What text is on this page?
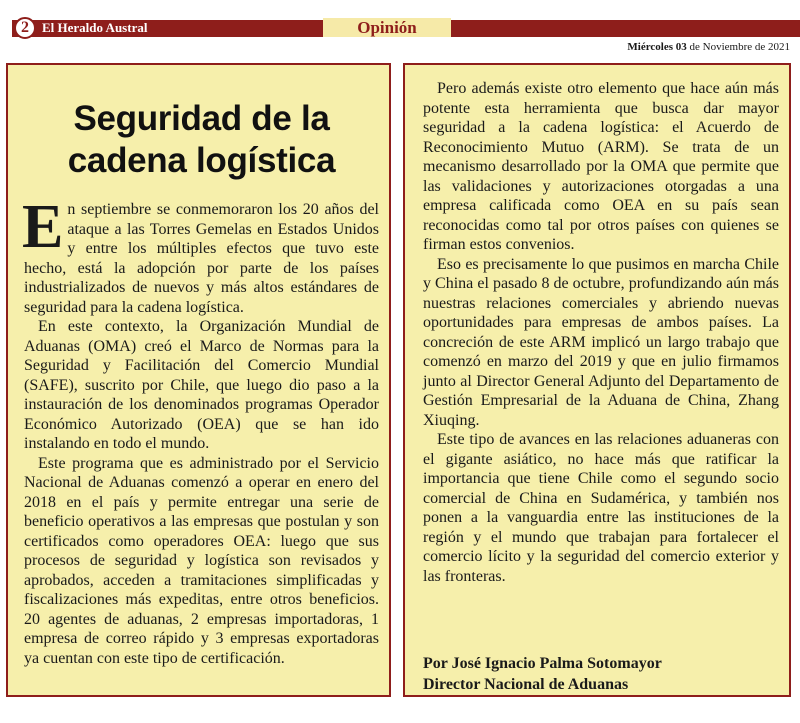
2	El Heraldo Austral	Opinión
Miércoles 03 de Noviembre de 2021
Seguridad de la
cadena logística

En septiembre se conmemoraron los 20 años del ataque a las Torres Gemelas en Estados Unidos y entre los múltiples efectos que tuvo este hecho, está la adopción por parte de los países industrializados de nuevos y más altos estándares de seguridad para la cadena logística.

En este contexto, la Organización Mundial de Aduanas (OMA) creó el Marco de Normas para la Seguridad y Facilitación del Comercio Mundial (SAFE), suscrito por Chile, que luego dio paso a la instauración de los denominados programas Operador Económico Autorizado (OEA) que se han ido instalando en todo el mundo.

Este programa que es administrado por el Servicio Nacional de Aduanas comenzó a operar en enero del 2018 en el país y permite entregar una serie de beneficio operativos a las empresas que postulan y son certificados como operadores OEA: luego que sus procesos de seguridad y logística son revisados y aprobados, acceden a tramitaciones simplificadas y fiscalizaciones más expeditas, entre otros beneficios. 20 agentes de aduanas, 2 empresas importadoras, 1 empresa de correo rápido y 3 empresas exportadoras ya cuentan con este tipo de certificación.

Pero además existe otro elemento que hace aún más potente esta herramienta que busca dar mayor seguridad a la cadena logística: el Acuerdo de Reconocimiento Mutuo (ARM). Se trata de un mecanismo desarrollado por la OMA que permite que las validaciones y autorizaciones otorgadas a una empresa calificada como OEA en su país sean reconocidas como tal por otros países con quienes se firman estos convenios.

Eso es precisamente lo que pusimos en marcha Chile y China el pasado 8 de octubre, profundizando aún más nuestras relaciones comerciales y abriendo nuevas oportunidades para empresas de ambos países. La concreción de este ARM implicó un largo trabajo que comenzó en marzo del 2019 y que en julio firmamos junto al Director General Adjunto del Departamento de Gestión Empresarial de la Aduana de China, Zhang Xiuqing.

Este tipo de avances en las relaciones aduaneras con el gigante asiático, no hace más que ratificar la importancia que tiene Chile como el segundo socio comercial de China en Sudamérica, y también nos ponen a la vanguardia entre las instituciones de la región y el mundo que trabajan para fortalecer el comercio lícito y la seguridad del comercio exterior y las fronteras.

Por José Ignacio Palma Sotomayor
Director Nacional de Aduanas
